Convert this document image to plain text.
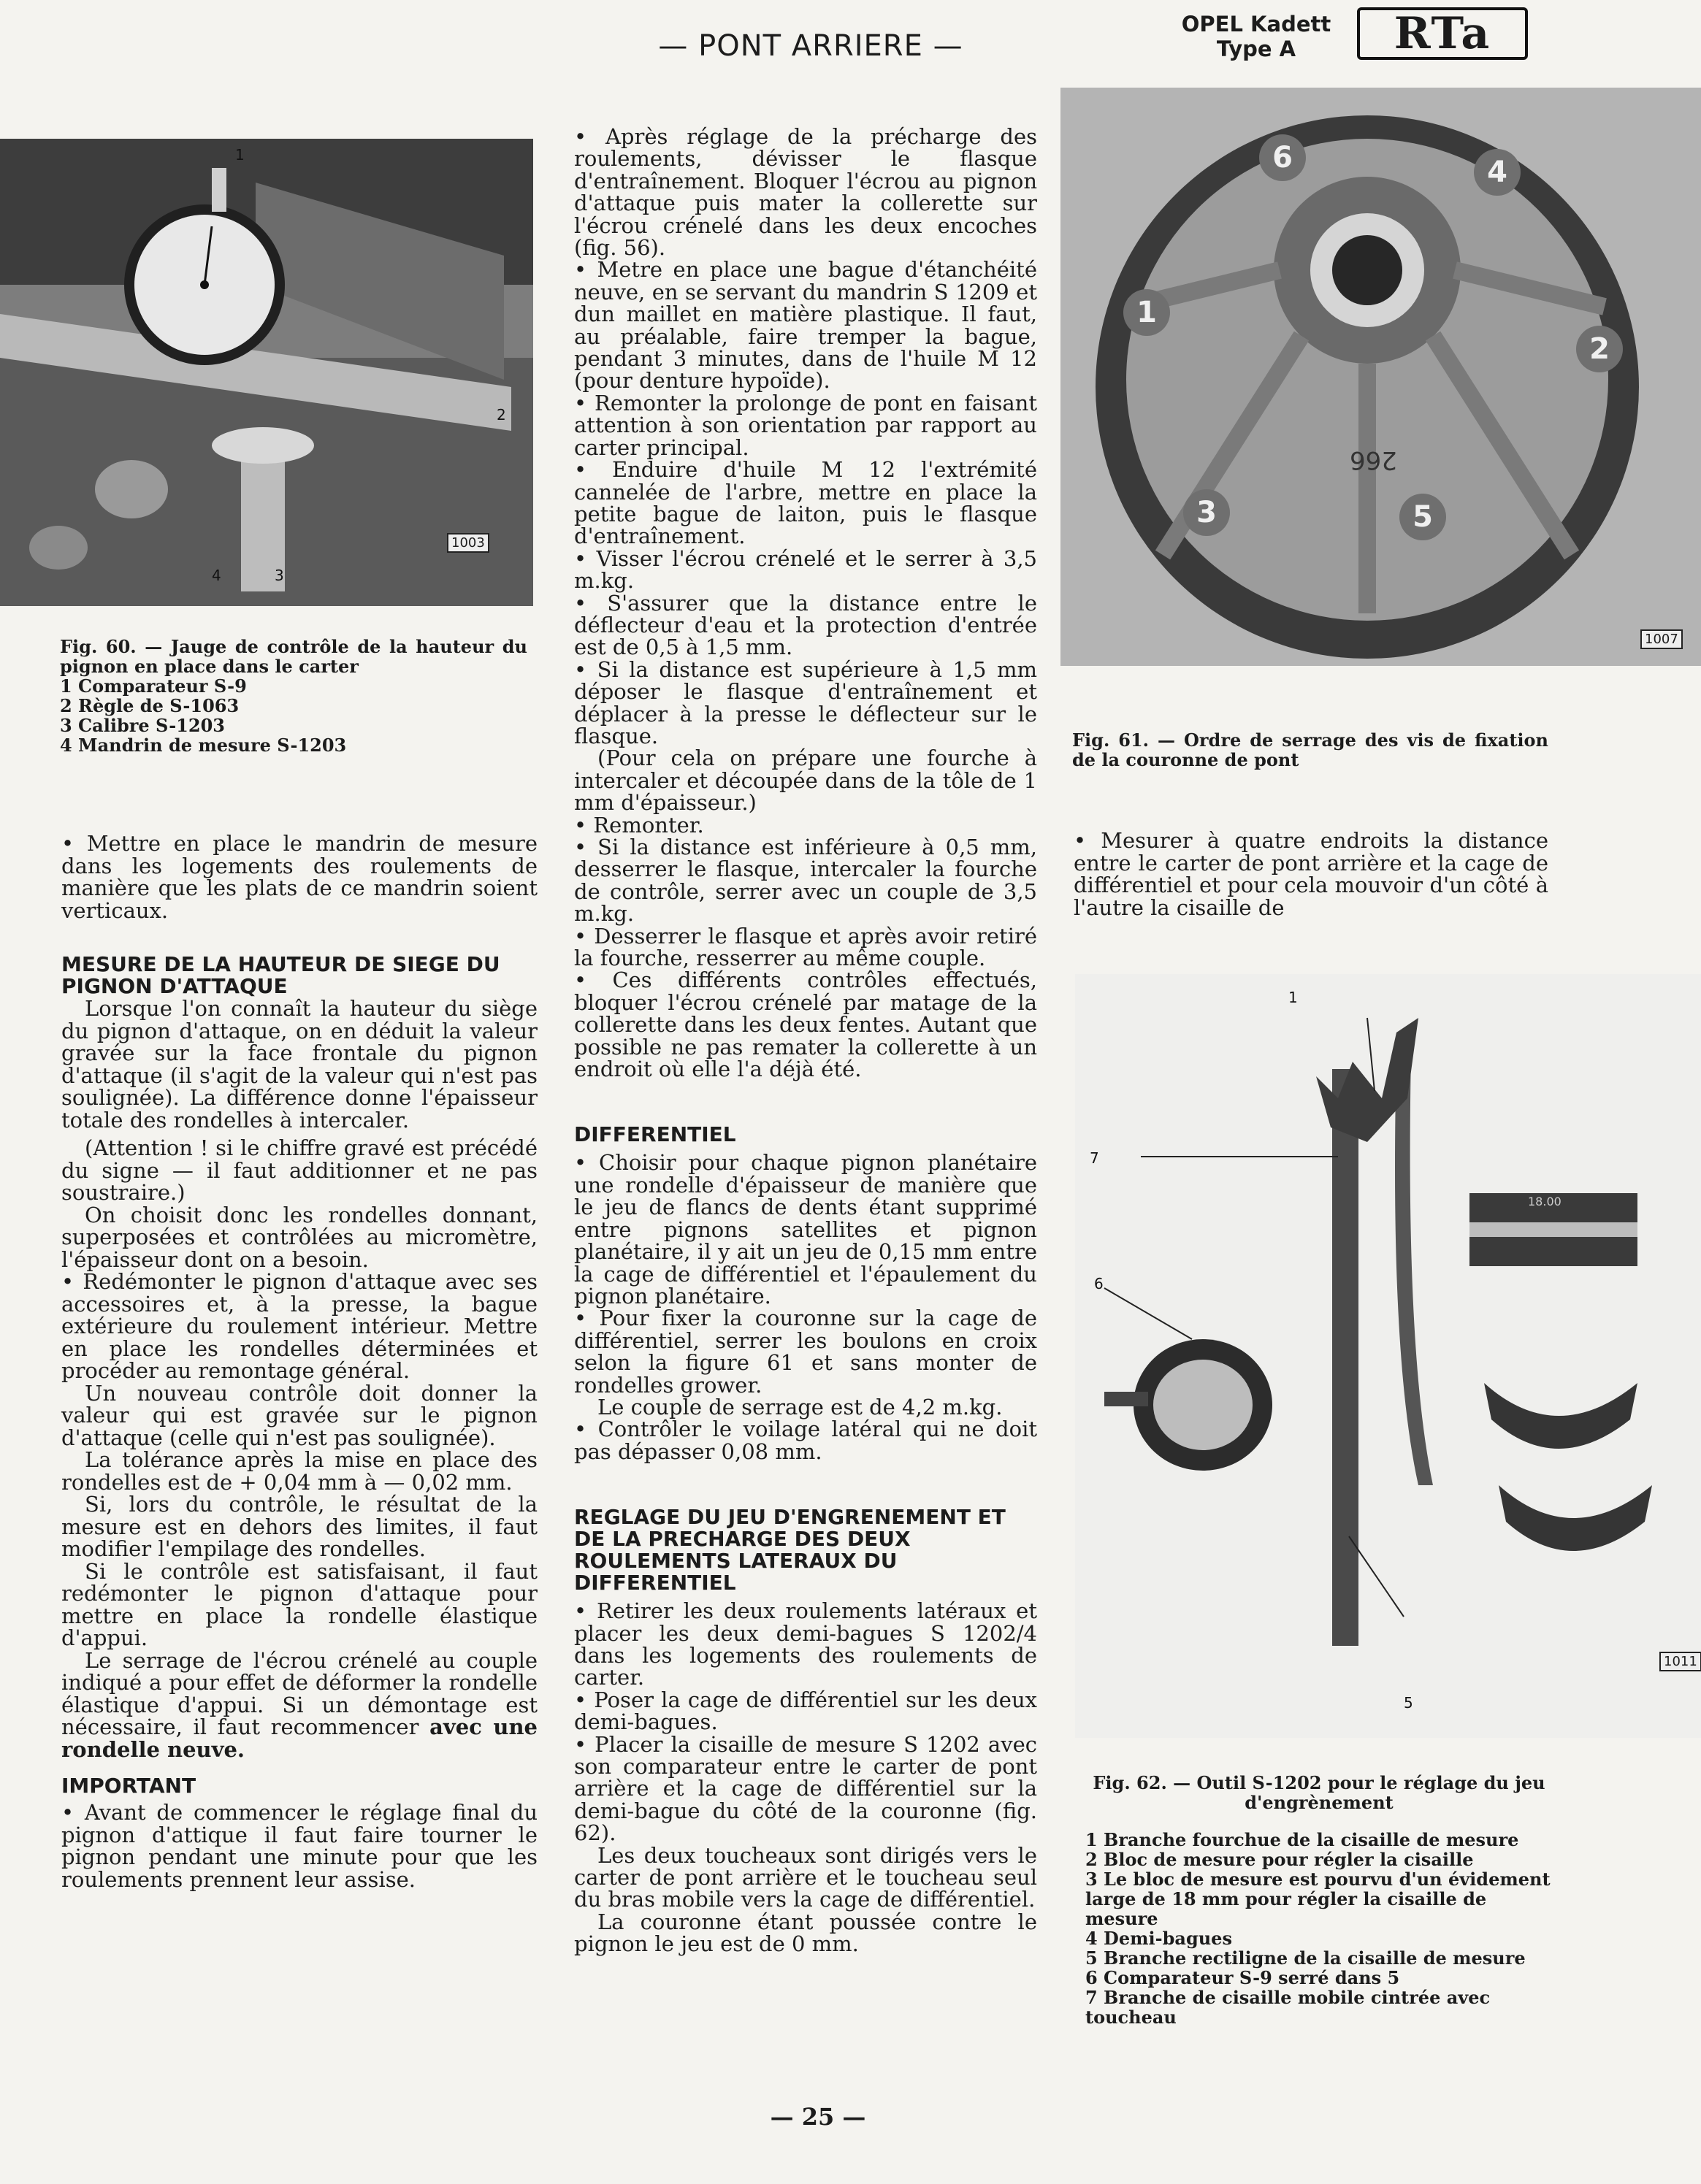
— PONT ARRIERE —
OPEL Kadett
Type A	RTa
1003
1
2
4	3

Fig. 60. — Jauge de contrôle de la hauteur du pignon en place dans le carter

1 Comparateur S-9

2 Règle de S-1063

3 Calibre S-1203

4 Mandrin de mesure S-1203

• Mettre en place le mandrin de mesure dans les logements des roulements de manière que les plats de ce mandrin soient verticaux.

MESURE DE LA HAUTEUR DE SIEGE DU PIGNON D'ATTAQUE

Lorsque l'on connaît la hauteur du siège du pignon d'attaque, on en déduit la valeur gravée sur la face frontale du pignon d'attaque (il s'agit de la valeur qui n'est pas soulignée). La différence donne l'épaisseur totale des rondelles à intercaler.

(Attention ! si le chiffre gravé est précédé du signe — il faut additionner et ne pas soustraire.)

On choisit donc les rondelles donnant, superposées et contrôlées au micromètre, l'épaisseur dont on a besoin.

• Redémonter le pignon d'attaque avec ses accessoires et, à la presse, la bague extérieure du roulement intérieur. Mettre en place les rondelles déterminées et procéder au remontage général.

Un nouveau contrôle doit donner la valeur qui est gravée sur le pignon d'attaque (celle qui n'est pas soulignée).

La tolérance après la mise en place des rondelles est de + 0,04 mm à — 0,02 mm.

Si, lors du contrôle, le résultat de la mesure est en dehors des limites, il faut modifier l'empilage des rondelles.

Si le contrôle est satisfaisant, il faut redémonter le pignon d'attaque pour mettre en place la rondelle élastique d'appui.

Le serrage de l'écrou crénelé au couple indiqué a pour effet de déformer la rondelle élastique d'appui. Si un démontage est nécessaire, il faut recommencer avec une rondelle neuve.

IMPORTANT

• Avant de commencer le réglage final du pignon d'attique il faut faire tourner le pignon pendant une minute pour que les roulements prennent leur assise.

• Après réglage de la précharge des roulements, dévisser le flasque d'entraînement. Bloquer l'écrou au pignon d'attaque puis mater la collerette sur l'écrou crénelé dans les deux encoches (fig. 56).

• Metre en place une bague d'étanchéité neuve, en se servant du mandrin S 1209 et dun maillet en matière plastique. Il faut, au préalable, faire tremper la bague, pendant 3 minutes, dans de l'huile M 12 (pour denture hypoïde).

• Remonter la prolonge de pont en faisant attention à son orientation par rapport au carter principal.

• Enduire d'huile M 12 l'extrémité cannelée de l'arbre, mettre en place la petite bague de laiton, puis le flasque d'entraînement.

• Visser l'écrou crénelé et le serrer à 3,5 m.kg.

• S'assurer que la distance entre le déflecteur d'eau et la protection d'entrée est de 0,5 à 1,5 mm.

• Si la distance est supérieure à 1,5 mm déposer le flasque d'entraînement et déplacer à la presse le déflecteur sur le flasque.

(Pour cela on prépare une fourche à intercaler et découpée dans de la tôle de 1 mm d'épaisseur.)

• Remonter.

• Si la distance est inférieure à 0,5 mm, desserrer le flasque, intercaler la fourche de contrôle, serrer avec un couple de 3,5 m.kg.

• Desserrer le flasque et après avoir retiré la fourche, resserrer au même couple.

• Ces différents contrôles effectués, bloquer l'écrou crénelé par matage de la collerette dans les deux fentes. Autant que possible ne pas remater la collerette à un endroit où elle l'a déjà été.

DIFFERENTIEL

• Choisir pour chaque pignon planétaire une rondelle d'épaisseur de manière que le jeu de flancs de dents étant supprimé entre pignons satellites et pignon planétaire, il y ait un jeu de 0,15 mm entre la cage de différentiel et l'épaulement du pignon planétaire.

• Pour fixer la couronne sur la cage de différentiel, serrer les boulons en croix selon la figure 61 et sans monter de rondelles grower.

Le couple de serrage est de 4,2 m.kg.

• Contrôler le voilage latéral qui ne doit pas dépasser 0,08 mm.

REGLAGE DU JEU D'ENGRENEMENT ET DE LA PRECHARGE DES DEUX ROULEMENTS LATERAUX DU DIFFERENTIEL

• Retirer les deux roulements latéraux et placer les deux demi-bagues S 1202/4 dans les logements des roulements de carter.

• Poser la cage de différentiel sur les deux demi-bagues.

• Placer la cisaille de mesure S 1202 avec son comparateur entre le carter de pont arrière et la cage de différentiel sur la demi-bague du côté de la couronne (fig. 62).

Les deux toucheaux sont dirigés vers le carter de pont arrière et le toucheau seul du bras mobile vers la cage de différentiel.

La couronne étant poussée contre le pignon le jeu est de 0 mm.

1
2
3
4
5
6
266
1007
Fig. 61. — Ordre de serrage des vis de fixation de la couronne de pont

• Mesurer à quatre endroits la distance entre le carter de pont arrière et la cage de différentiel et pour cela mouvoir d'un côté à l'autre la cisaille de

18.00
1011
1
7
6
5

Fig. 62. — Outil S-1202 pour le réglage du jeu d'engrènement

1 Branche fourchue de la cisaille de mesure

2 Bloc de mesure pour régler la cisaille

3 Le bloc de mesure est pourvu d'un évidement large de 18 mm pour régler la cisaille de mesure

4 Demi-bagues

5 Branche rectiligne de la cisaille de mesure

6 Comparateur S-9 serré dans 5

7 Branche de cisaille mobile cintrée avec toucheau

— 25 —
